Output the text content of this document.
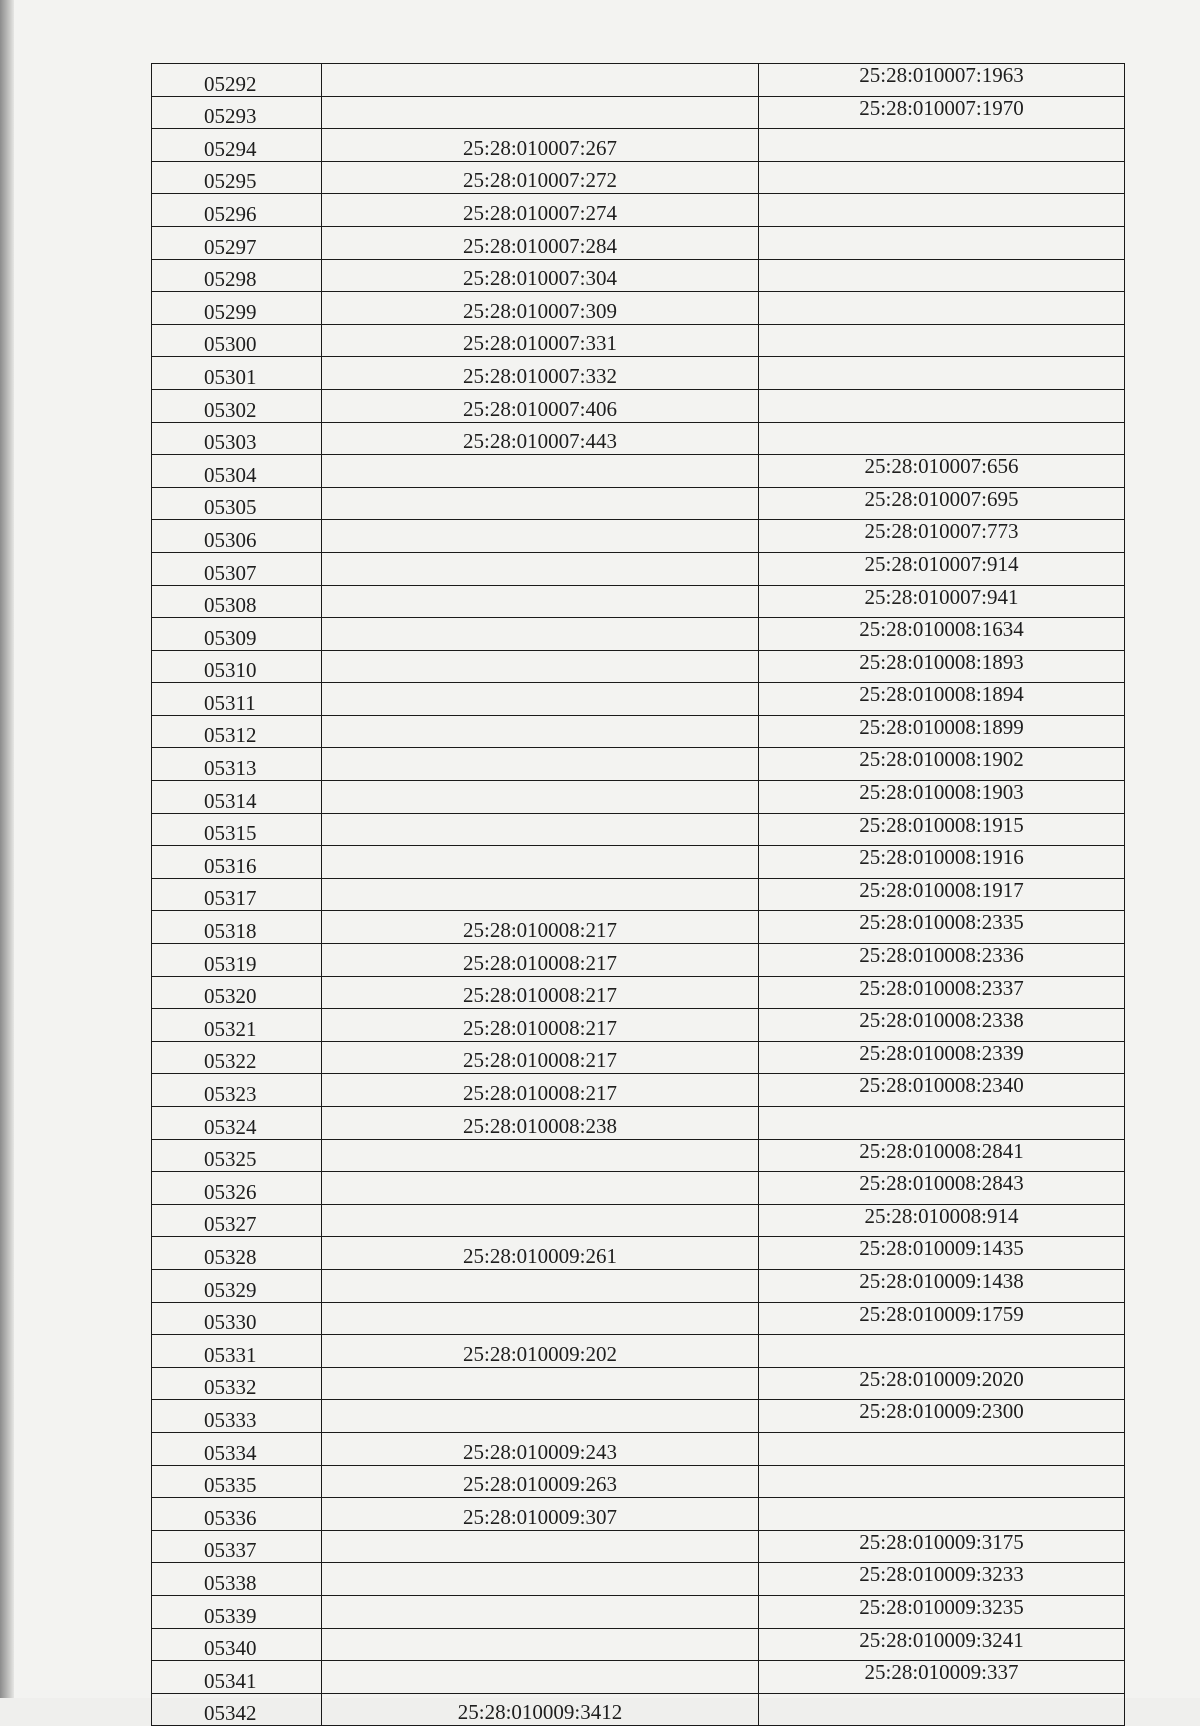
05292		25:28:010007:1963
05293		25:28:010007:1970
05294	25:28:010007:267	
05295	25:28:010007:272	
05296	25:28:010007:274	
05297	25:28:010007:284	
05298	25:28:010007:304	
05299	25:28:010007:309	
05300	25:28:010007:331	
05301	25:28:010007:332	
05302	25:28:010007:406	
05303	25:28:010007:443	
05304		25:28:010007:656
05305		25:28:010007:695
05306		25:28:010007:773
05307		25:28:010007:914
05308		25:28:010007:941
05309		25:28:010008:1634
05310		25:28:010008:1893
05311		25:28:010008:1894
05312		25:28:010008:1899
05313		25:28:010008:1902
05314		25:28:010008:1903
05315		25:28:010008:1915
05316		25:28:010008:1916
05317		25:28:010008:1917
05318	25:28:010008:217	25:28:010008:2335
05319	25:28:010008:217	25:28:010008:2336
05320	25:28:010008:217	25:28:010008:2337
05321	25:28:010008:217	25:28:010008:2338
05322	25:28:010008:217	25:28:010008:2339
05323	25:28:010008:217	25:28:010008:2340
05324	25:28:010008:238	
05325		25:28:010008:2841
05326		25:28:010008:2843
05327		25:28:010008:914
05328	25:28:010009:261	25:28:010009:1435
05329		25:28:010009:1438
05330		25:28:010009:1759
05331	25:28:010009:202	
05332		25:28:010009:2020
05333		25:28:010009:2300
05334	25:28:010009:243	
05335	25:28:010009:263	
05336	25:28:010009:307	
05337		25:28:010009:3175
05338		25:28:010009:3233
05339		25:28:010009:3235
05340		25:28:010009:3241
05341		25:28:010009:337
05342	25:28:010009:3412	
